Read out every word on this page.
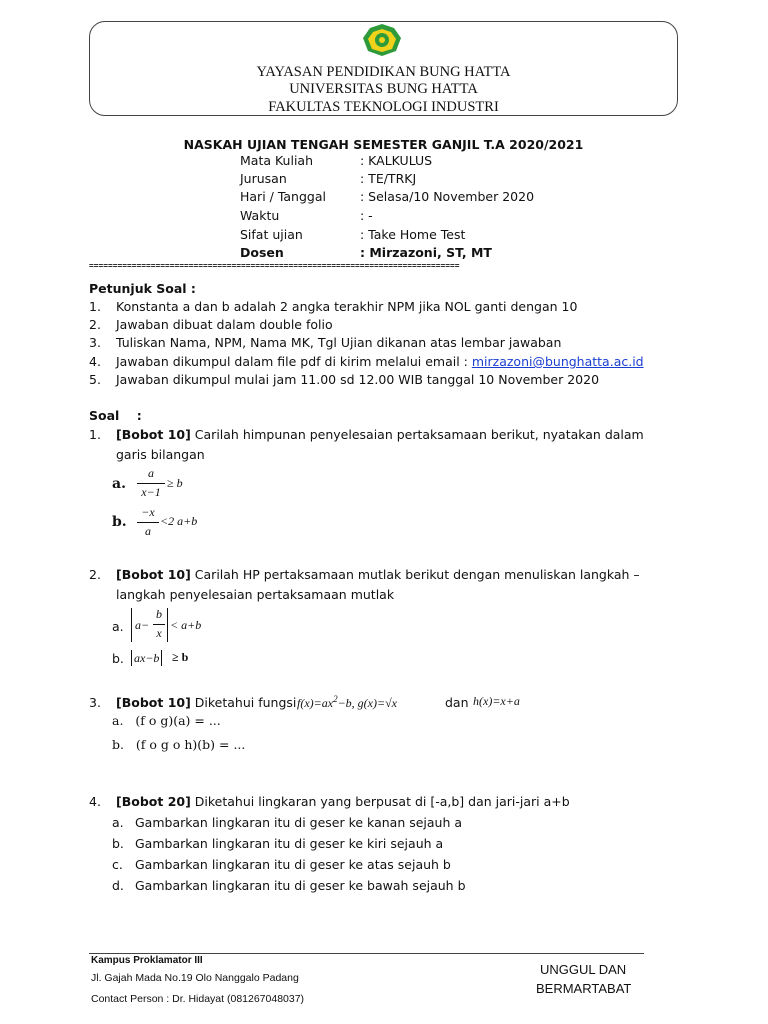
YAYASAN PENDIDIKAN BUNG HATTA
UNIVERSITAS BUNG HATTA
FAKULTAS TEKNOLOGI INDUSTRI
NASKAH UJIAN TENGAH SEMESTER GANJIL T.A 2020/2021
Mata Kuliah	: KALKULUS
Jurusan	: TE/TRKJ
Hari / Tanggal	: Selasa/10 November 2020
Waktu	: -
Sifat ujian	: Take Home Test
Dosen	: Mirzazoni, ST, MT
==============================================================================
Petunjuk Soal :
1. Konstanta a dan b adalah 2 angka terakhir NPM jika NOL ganti dengan 10
2. Jawaban dibuat dalam double folio
3. Tuliskan Nama, NPM, Nama MK, Tgl Ujian dikanan atas lembar jawaban
4. Jawaban dikumpul dalam file pdf di kirim melalui email : mirzazoni@bunghatta.ac.id
5. Jawaban dikumpul mulai jam 11.00 sd 12.00 WIB tanggal 10 November 2020
Soal    :
1. [Bobot 10] Carilah himpunan penyelesaian pertaksamaan berikut, nyatakan dalam
garis bilangan
a.
a
x−1
≥ b
b.
−x
a
<2 a+b
2. [Bobot 10] Carilah HP pertaksamaan mutlak berikut dengan menuliskan langkah –
langkah penyelesaian pertaksamaan mutlak
a. a−
b
x
< a+b
b. ax−b ≥ b
3. [Bobot 10] Diketahui fungsi
$f(x)=ax^2-b$, g(x)=√x	dan h(x)=x+a
a.   (f o g)(a) = ...
b.   (f o g o h)(b) = ...
4. [Bobot 20] Diketahui lingkaran yang berpusat di [-a,b] dan jari-jari a+b
a. Gambarkan lingkaran itu di geser ke kanan sejauh a
b. Gambarkan lingkaran itu di geser ke kiri sejauh a
c. Gambarkan lingkaran itu di geser ke atas sejauh b
d. Gambarkan lingkaran itu di geser ke bawah sejauh b
Kampus Proklamator III
Jl. Gajah Mada No.19 Olo Nanggalo Padang
Contact Person : Dr. Hidayat (081267048037)
UNGGUL DAN
BERMARTABAT
